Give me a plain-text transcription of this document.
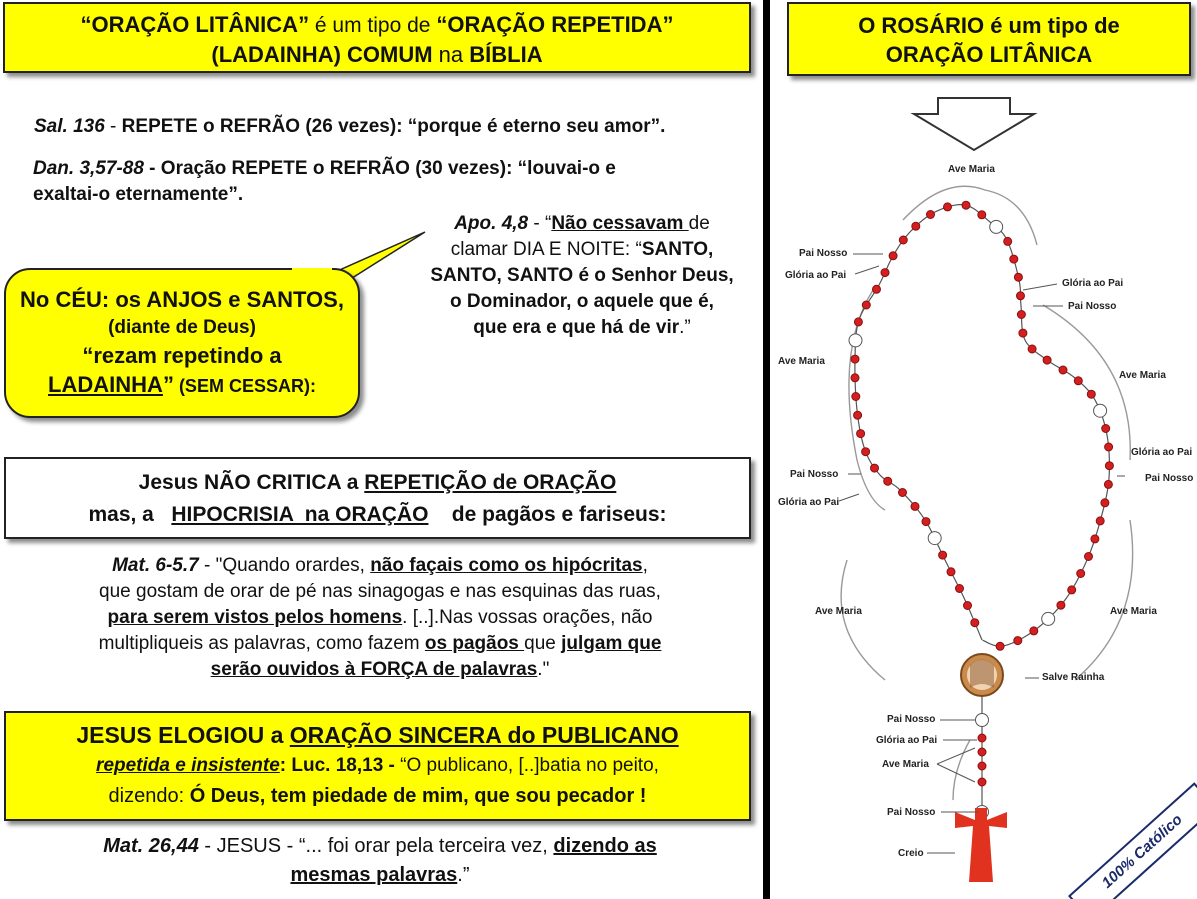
“ORAÇÃO LITÂNICA” é um tipo de “ORAÇÃO REPETIDA”
(LADAINHA) COMUM na BÍBLIA
Sal. 136 - REPETE o REFRÃO (26 vezes): “porque é eterno seu amor”.
Dan. 3,57-88 - Oração REPETE o REFRÃO (30 vezes): “louvai-o e
exaltai-o eternamente”.
Apo. 4,8 - “Não cessavam de
clamar DIA E NOITE: “SANTO,
SANTO, SANTO é o Senhor Deus,
o Dominador, o aquele que é,
que era e que há de vir.”
No CÉU: os ANJOS e SANTOS,
(diante de Deus)
“rezam repetindo a
LADAINHA” (SEM CESSAR):
Jesus NÃO CRITICA a REPETIÇÃO de ORAÇÃO
mas, a   HIPOCRISIA  na ORAÇÃO    de pagãos e fariseus:
Mat. 6-5.7 - "Quando orardes, não façais como os hipócritas,
que gostam de orar de pé nas sinagogas e nas esquinas das ruas,
para serem vistos pelos homens. [..].Nas vossas orações, não
multipliqueis as palavras, como fazem os pagãos que julgam que
serão ouvidos à FORÇA de palavras."
JESUS ELOGIOU a ORAÇÃO SINCERA do PUBLICANO
repetida e insistente: Luc. 18,13 - “O publicano, [..]batia no peito,
dizendo: Ó Deus, tem piedade de mim, que sou pecador !
Mat. 26,44 - JESUS - “... foi orar pela terceira vez, dizendo as
mesmas palavras.”
O ROSÁRIO é um tipo de
ORAÇÃO LITÂNICA
Ave Maria
Pai Nosso
Glória ao Pai
Glória ao Pai
Pai Nosso
Ave Maria
Ave Maria
Glória ao Pai
Pai Nosso	Pai Nosso
Glória ao Pai
Ave Maria	Ave Maria
Salve Rainha
Pai Nosso
Glória ao Pai
Ave Maria
Pai Nosso
Creio	100% Católico
